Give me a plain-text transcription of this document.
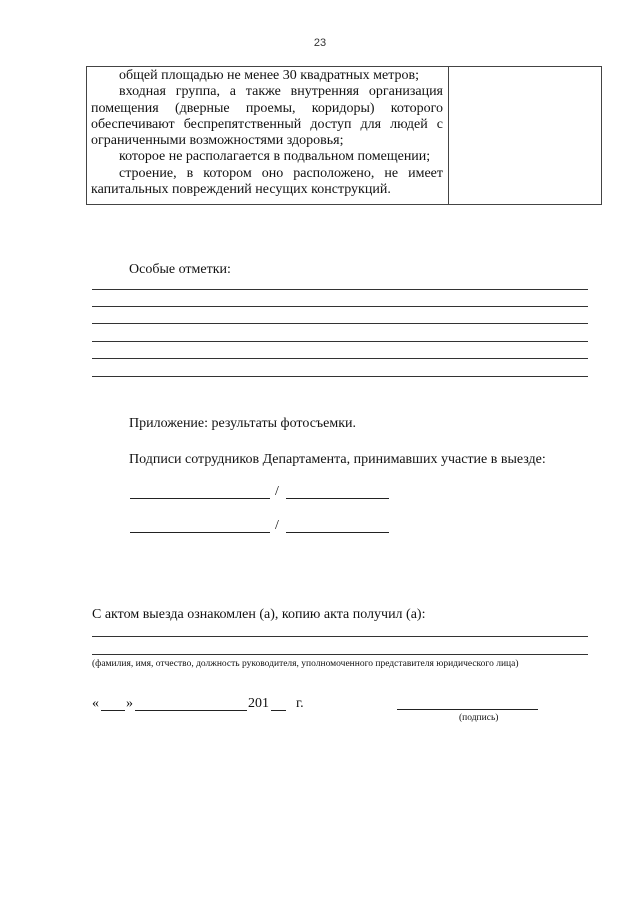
23

общей площадью не менее 30 квадратных метров;

входная группа, а также внутренняя организация помещения (дверные проемы, коридоры) которого обеспечивают беспрепятственный доступ для людей с ограниченными возможностями здоровья;

которое не располагается в подвальном помещении;

строение, в котором оно расположено, не имеет капитальных повреждений несущих конструкций.

Особые отметки:
Приложение: результаты фотосъемки.
Подписи сотрудников Департамента, принимавших участие в выезде:
/
/
С актом выезда ознакомлен (а), копию акта получил (а):
(фамилия, имя, отчество, должность руководителя, уполномоченного представителя юридического лица)
« »	201 г.
(подпись)
